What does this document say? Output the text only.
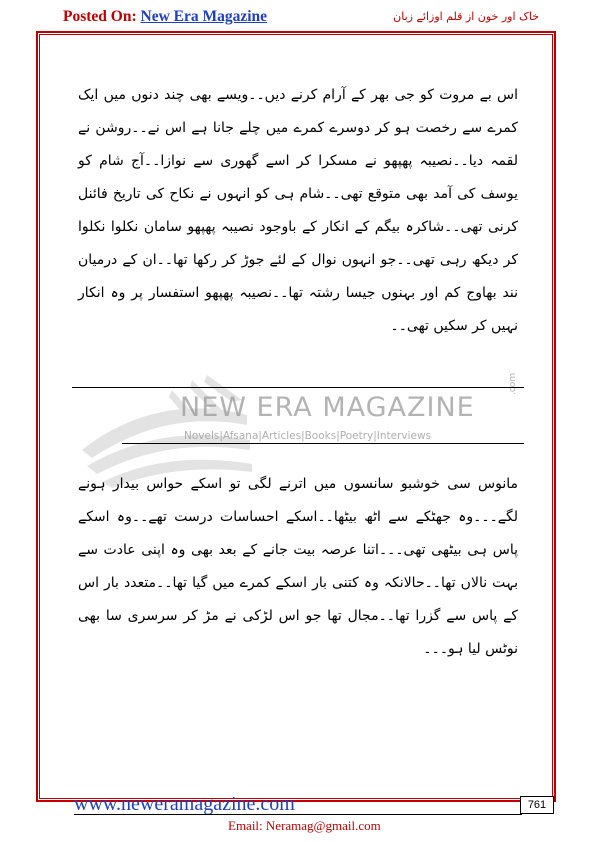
Posted On: New Era Magazine	خاک اور خون از قلم اوزائے زبان
NEW ERA MAGAZINE
.com
Novels|Afsana|Articles|Books|Poetry|Interviews
اس بے مروت کو جی بھر کے آرام کرنے دیں۔۔ویسے بھی چند دنوں میں ایک کمرے سے رخصت ہو کر دوسرے کمرے میں چلے جانا ہے اس نے۔۔روشن نے لقمہ دیا۔۔نصیبہ پھپھو نے مسکرا کر اسے گھوری سے نوازا۔۔آج شام کو یوسف کی آمد بھی متوقع تھی۔۔شام ہی کو انہوں نے نکاح کی تاریخ فائنل کرنی تھی۔۔شاکرہ بیگم کے انکار کے باوجود نصیبہ پھپھو سامان نکلوا نکلوا کر دیکھ رہی تھی۔۔جو انہوں نوال کے لئے جوڑ کر رکھا تھا۔۔ان کے درمیان نند بھاوج کم اور بہنوں جیسا رشتہ تھا۔۔نصیبہ پھپھو استفسار پر وہ انکار نہیں کر سکیں تھی۔۔
مانوس سی خوشبو سانسوں میں اترنے لگی تو اسکے حواس بیدار ہونے لگے۔۔۔وہ جھٹکے سے اٹھ بیٹھا۔۔اسکے احساسات درست تھے۔۔وہ اسکے پاس ہی بیٹھی تھی۔۔۔اتنا عرصہ بیت جانے کے بعد بھی وہ اپنی عادت سے بہت نالاں تھا۔۔حالانکہ وہ کتنی بار اسکے کمرے میں گیا تھا۔۔متعدد بار اس کے پاس سے گزرا تھا۔۔مجال تھا جو اس لڑکی نے مڑ کر سرسری سا بھی نوٹس لیا ہو۔۔۔
www.neweramagazine.com	761
Email: Neramag@gmail.com
